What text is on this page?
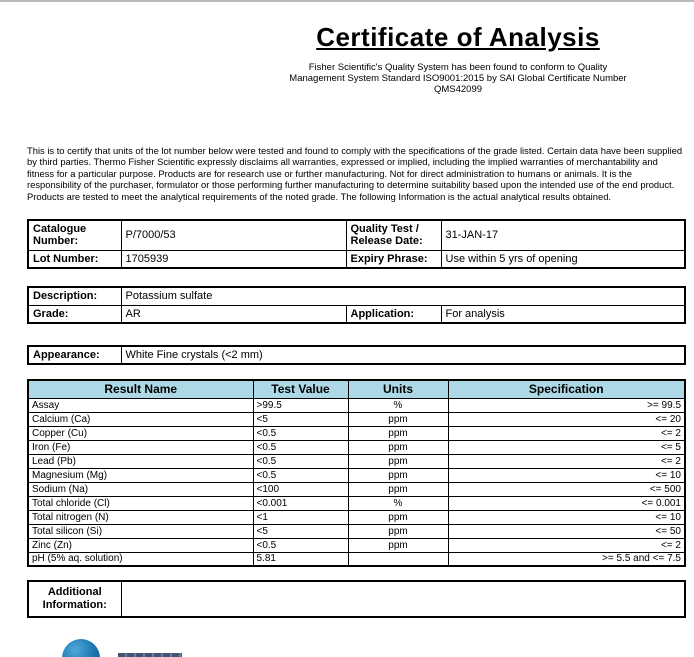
Certificate of Analysis
Fisher Scientific's Quality System has been found to conform to Quality
Management System Standard ISO9001:2015 by SAI Global Certificate Number
QMS42099
This is to certify that units of the lot number below were tested and found to comply with the specifications of the grade listed. Certain data have been supplied by third parties. Thermo Fisher Scientific expressly disclaims all warranties, expressed or implied, including the implied warranties of merchantability and fitness for a particular purpose. Products are for research use or further manufacturing. Not for direct administration to humans or animals. It is the responsibility of the purchaser, formulator or those performing further manufacturing to determine suitability based upon the intended use of the end product. Products are tested to meet the analytical requirements of the noted grade. The following Information is the actual analytical results obtained.
Catalogue Number:	P/7000/53	Quality Test / Release Date:	31-JAN-17
Lot Number:	1705939	Expiry Phrase:	Use within 5 yrs of opening
Description:	Potassium sulfate		
Grade:	AR	Application:	For analysis
Appearance:	White Fine crystals (<2 mm)
Result Name	Test Value	Units	Specification
Assay	>99.5	%	>= 99.5
Calcium (Ca)	<5	ppm	<= 20
Copper (Cu)	<0.5	ppm	<= 2
Iron (Fe)	<0.5	ppm	<= 5
Lead (Pb)	<0.5	ppm	<= 2
Magnesium (Mg)	<0.5	ppm	<= 10
Sodium (Na)	<100	ppm	<= 500
Total chloride (Cl)	<0.001	%	<= 0.001
Total nitrogen (N)	<1	ppm	<= 10
Total silicon (Si)	<5	ppm	<= 50
Zinc (Zn)	<0.5	ppm	<= 2
pH (5% aq. solution)	5.81		>= 5.5 and <= 7.5
Additional Information:	
